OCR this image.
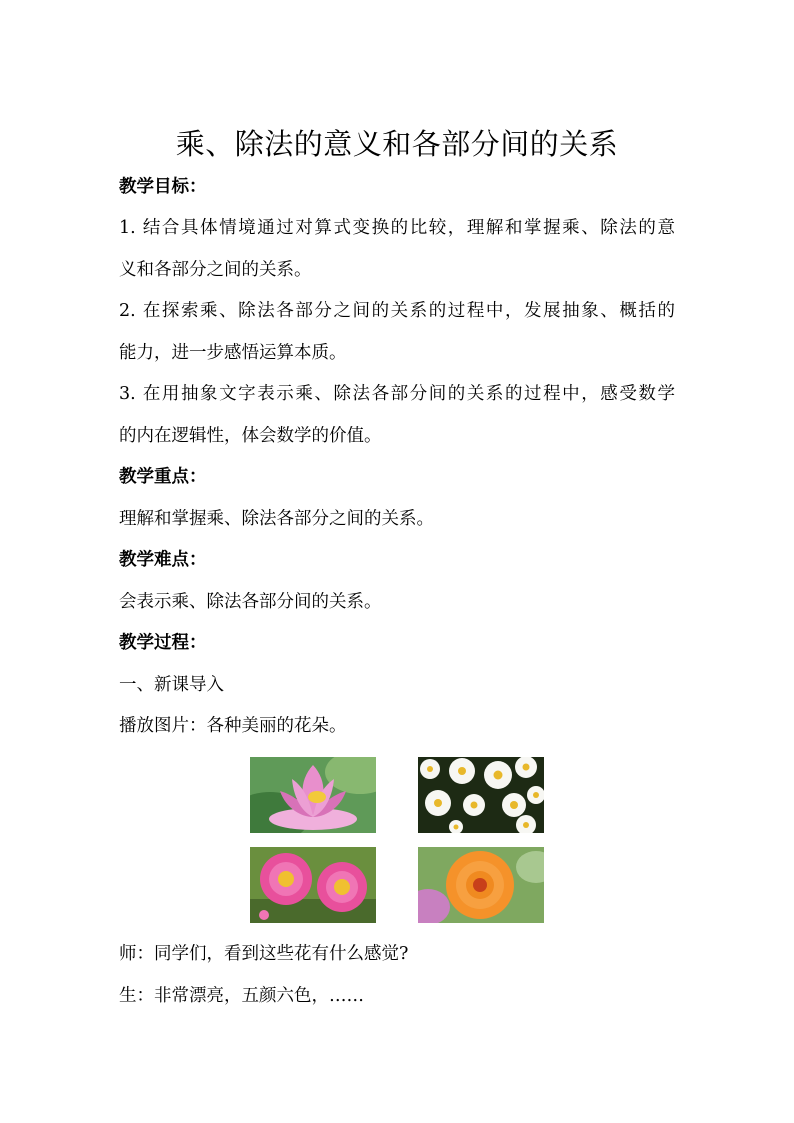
乘、除法的意义和各部分间的关系
教学目标：
1. 结合具体情境通过对算式变换的比较，理解和掌握乘、除法的意
义和各部分之间的关系。
2. 在探索乘、除法各部分之间的关系的过程中，发展抽象、概括的
能力，进一步感悟运算本质。
3. 在用抽象文字表示乘、除法各部分间的关系的过程中，感受数学
的内在逻辑性，体会数学的价值。
教学重点：
理解和掌握乘、除法各部分之间的关系。
教学难点：
会表示乘、除法各部分间的关系。
教学过程：
一、新课导入
播放图片：各种美丽的花朵。
师：同学们，看到这些花有什么感觉?
生：非常漂亮，五颜六色，……
